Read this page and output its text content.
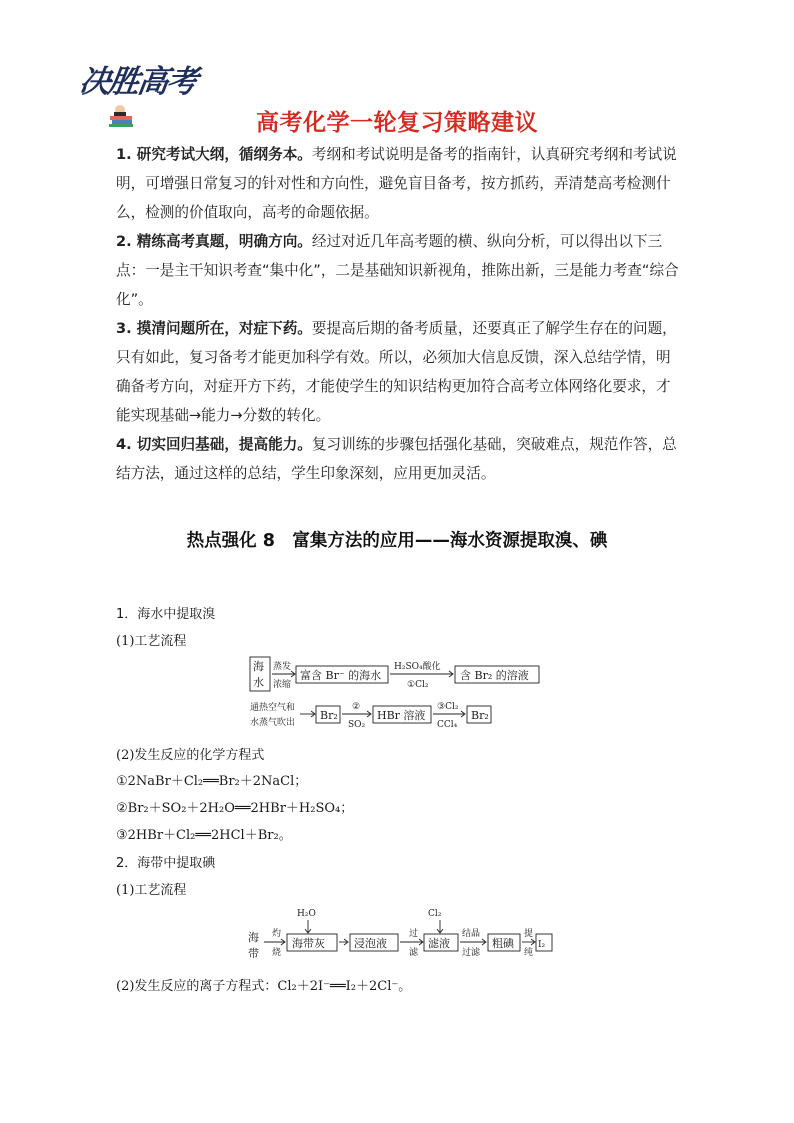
决胜高考
高考化学一轮复习策略建议

1. 研究考试大纲，循纲务本。考纲和考试说明是备考的指南针，认真研究考纲和考试说明，可增强日常复习的针对性和方向性，避免盲目备考，按方抓药，弄清楚高考检测什么，检测的价值取向，高考的命题依据。

2. 精练高考真题，明确方向。经过对近几年高考题的横、纵向分析，可以得出以下三点：一是主干知识考查“集中化”，二是基础知识新视角，推陈出新，三是能力考查“综合化”。

3. 摸清问题所在，对症下药。要提高后期的备考质量，还要真正了解学生存在的问题，只有如此，复习备考才能更加科学有效。所以，必须加大信息反馈，深入总结学情，明确备考方向，对症开方下药，才能使学生的知识结构更加符合高考立体网络化要求，才能实现基础→能力→分数的转化。

4. 切实回归基础，提高能力。复习训练的步骤包括强化基础，突破难点，规范作答，总结方法，通过这样的总结，学生印象深刻，应用更加灵活。

热点强化 8　富集方法的应用——海水资源提取溴、碘
1．海水中提取溴
(1)工艺流程
海
水
蒸发
浓缩
富含 Br⁻ 的海水
H₂SO₄酸化
①Cl₂
含 Br₂ 的溶液
通热空气和
水蒸气吹出
Br₂
②
SO₂
HBr 溶液
③Cl₂
CCl₄
Br₂
(2)发生反应的化学方程式
①2NaBr＋Cl₂══Br₂＋2NaCl；
②Br₂＋SO₂＋2H₂O══2HBr＋H₂SO₄；
③2HBr＋Cl₂══2HCl＋Br₂。
2．海带中提取碘
(1)工艺流程
海
带
灼
烧
海带灰
H₂O
浸泡液
过
滤
滤液
Cl₂
结晶
过滤
粗碘
提
纯
I₂
(2)发生反应的离子方程式：Cl₂＋2I⁻══I₂＋2Cl⁻。
